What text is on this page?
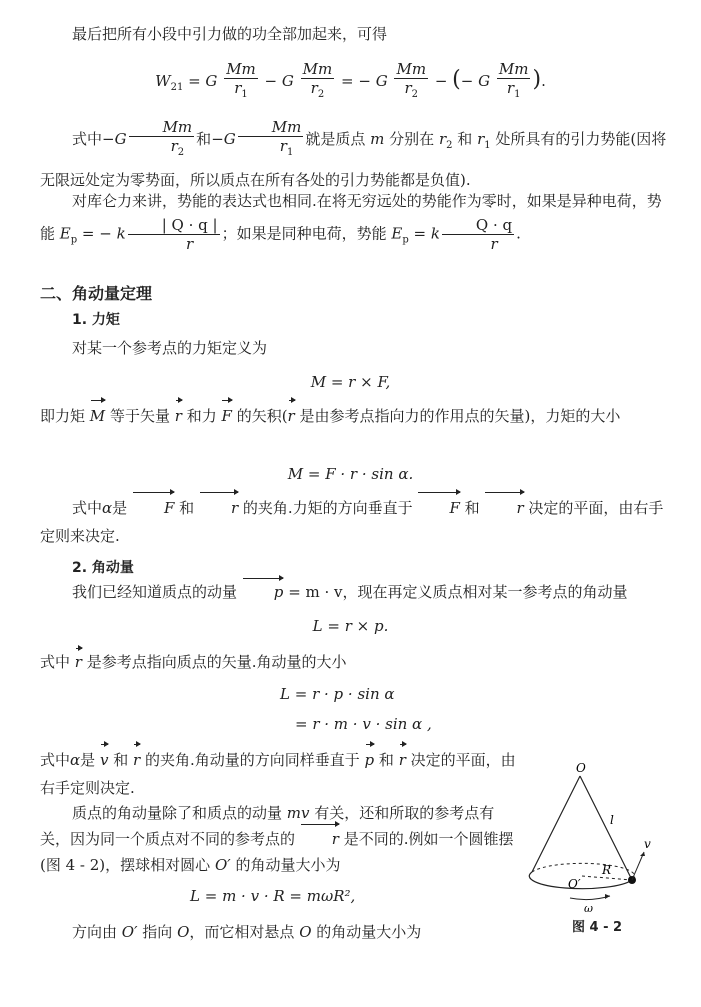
最后把所有小段中引力做的功全部加起来，可得
$W_{21} = G \frac{Mm}{r_1} - G \frac{Mm}{r_2}$ = − G $\frac{Mm}{r_2}$ − (− G $\frac{Mm}{r_1}$ ).
式中$-G \frac{Mm}{r_2}$ 和$-G \frac{Mm}{r_1}$ 就是质点 m 分别在 $r_2$ 和 $r_1$ 处所具有的引力势能(因将无限远处定为零势面，所以质点在所有各处的引力势能都是负值).
对库仑力来讲，势能的表达式也相同.在将无穷远处的势能作为零时，如果是异种电荷，势能 $E_p$ = − k $\frac{| Q \cdot q |}{r}$ ；如果是同种电荷，势能 $E_p = k \frac{Q \cdot q}{r}$ .
二、角动量定理
1. 力矩
对某一个参考点的力矩定义为
M = r × F,
即力矩 M 等于矢量 r 和力 F 的矢积(r 是由参考点指向力的作用点的矢量)，力矩的大小
M = F · r · sin α.
式中α是 F 和 r 的夹角.力矩的方向垂直于 F 和 r 决定的平面，由右手定则来决定.
2. 角动量
我们已经知道质点的动量 p = m · v，现在再定义质点相对某一参考点的角动量
L = r × p.
式中 r 是参考点指向质点的矢量.角动量的大小
L = r · p · sin α
= r · m · v · sin α ,
式中α是 v 和 r 的夹角.角动量的方向同样垂直于 p 和 r 决定的平面，由右手定则决定.
质点的角动量除了和质点的动量 mv 有关，还和所取的参考点有关，因为同一个质点对不同的参考点的 r 是不同的.例如一个圆锥摆(图 4 - 2)，摆球相对圆心 O′ 的角动量大小为
L = m · v · R = mωR²,
方向由 O′ 指向 O，而它相对悬点 O 的角动量大小为
O
l
O′
R
v
ω
图 4 - 2
